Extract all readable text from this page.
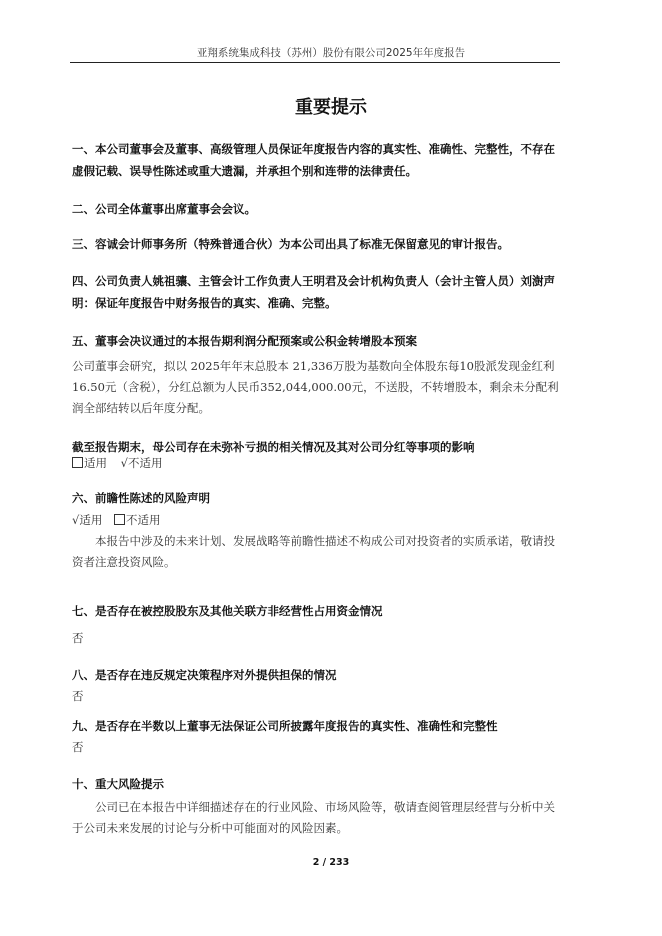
亚翔系统集成科技（苏州）股份有限公司2025年年度报告
重要提示
一、本公司董事会及董事、高级管理人员保证年度报告内容的真实性、准确性、完整性，不存在虚假记载、误导性陈述或重大遗漏，并承担个别和连带的法律责任。
二、公司全体董事出席董事会会议。
三、容诚会计师事务所（特殊普通合伙）为本公司出具了标准无保留意见的审计报告。
四、公司负责人姚祖骧、主管会计工作负责人王明君及会计机构负责人（会计主管人员）刘澍声明：保证年度报告中财务报告的真实、准确、完整。
五、董事会决议通过的本报告期利润分配预案或公积金转增股本预案
公司董事会研究，拟以 2025年年末总股本 21,336万股为基数向全体股东每10股派发现金红利16.50元（含税），分红总额为人民币352,044,000.00元，不送股，不转增股本，剩余未分配利润全部结转以后年度分配。
截至报告期末，母公司存在未弥补亏损的相关情况及其对公司分红等事项的影响
适用 √不适用
六、前瞻性陈述的风险声明
√适用 不适用
本报告中涉及的未来计划、发展战略等前瞻性描述不构成公司对投资者的实质承诺，敬请投资者注意投资风险。
七、是否存在被控股股东及其他关联方非经营性占用资金情况
否
八、是否存在违反规定决策程序对外提供担保的情况
否
九、是否存在半数以上董事无法保证公司所披露年度报告的真实性、准确性和完整性
否
十、重大风险提示
公司已在本报告中详细描述存在的行业风险、市场风险等，敬请查阅管理层经营与分析中关于公司未来发展的讨论与分析中可能面对的风险因素。
2 / 233
